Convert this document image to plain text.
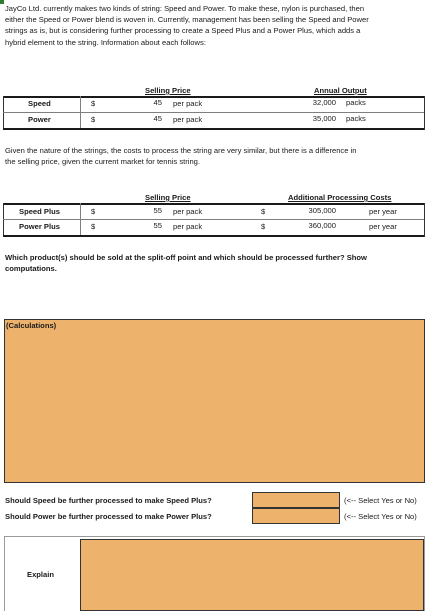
JayCo Ltd. currently makes two kinds of string: Speed and Power. To make these, nylon is purchased, then
either the Speed or Power blend is woven in. Currently, management has been selling the Speed and Power
strings as is, but is considering further processing to create a Speed Plus and a Power Plus, which adds a
hybrid element to the string. Information about each follows:
Selling Price	Annual Output
Speed	$	45 per pack	32,000 packs
Power	$	45 per pack	35,000 packs
Given the nature of the strings, the costs to process the string are very similar, but there is a difference in
the selling price, given the current market for tennis string.
Selling Price	Additional Processing Costs
Speed Plus	$	55 per pack	$	305,000	per year
Power Plus	$	55 per pack	$	360,000	per year
Which product(s) should be sold at the split-off point and which should be processed further? Show
computations.
(Calculations)
Should Speed be further processed to make Speed Plus?	(<-- Select Yes or No)
Should Power be further processed to make Power Plus?	(<-- Select Yes or No)
Explain
